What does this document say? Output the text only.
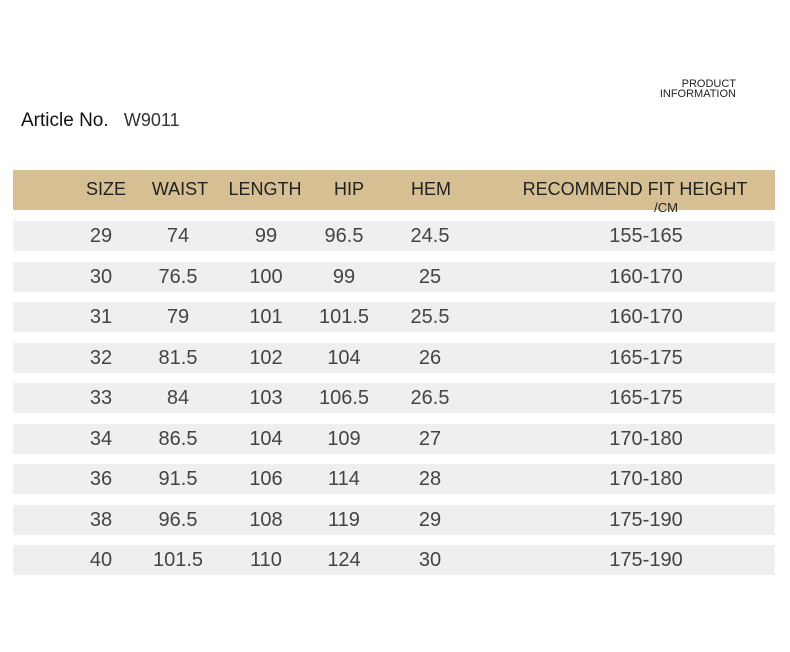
PRODUCT
INFORMATION
Article No. W9011
SIZE	WAIST	LENGTH	HIP	HEM	RECOMMEND FIT HEIGHT
/CM
29	74	99	96.5	24.5	155-165
30	76.5	100	99	25	160-170
31	79	101	101.5	25.5	160-170
32	81.5	102	104	26	165-175
33	84	103	106.5	26.5	165-175
34	86.5	104	109	27	170-180
36	91.5	106	114	28	170-180
38	96.5	108	119	29	175-190
40	101.5	110	124	30	175-190
